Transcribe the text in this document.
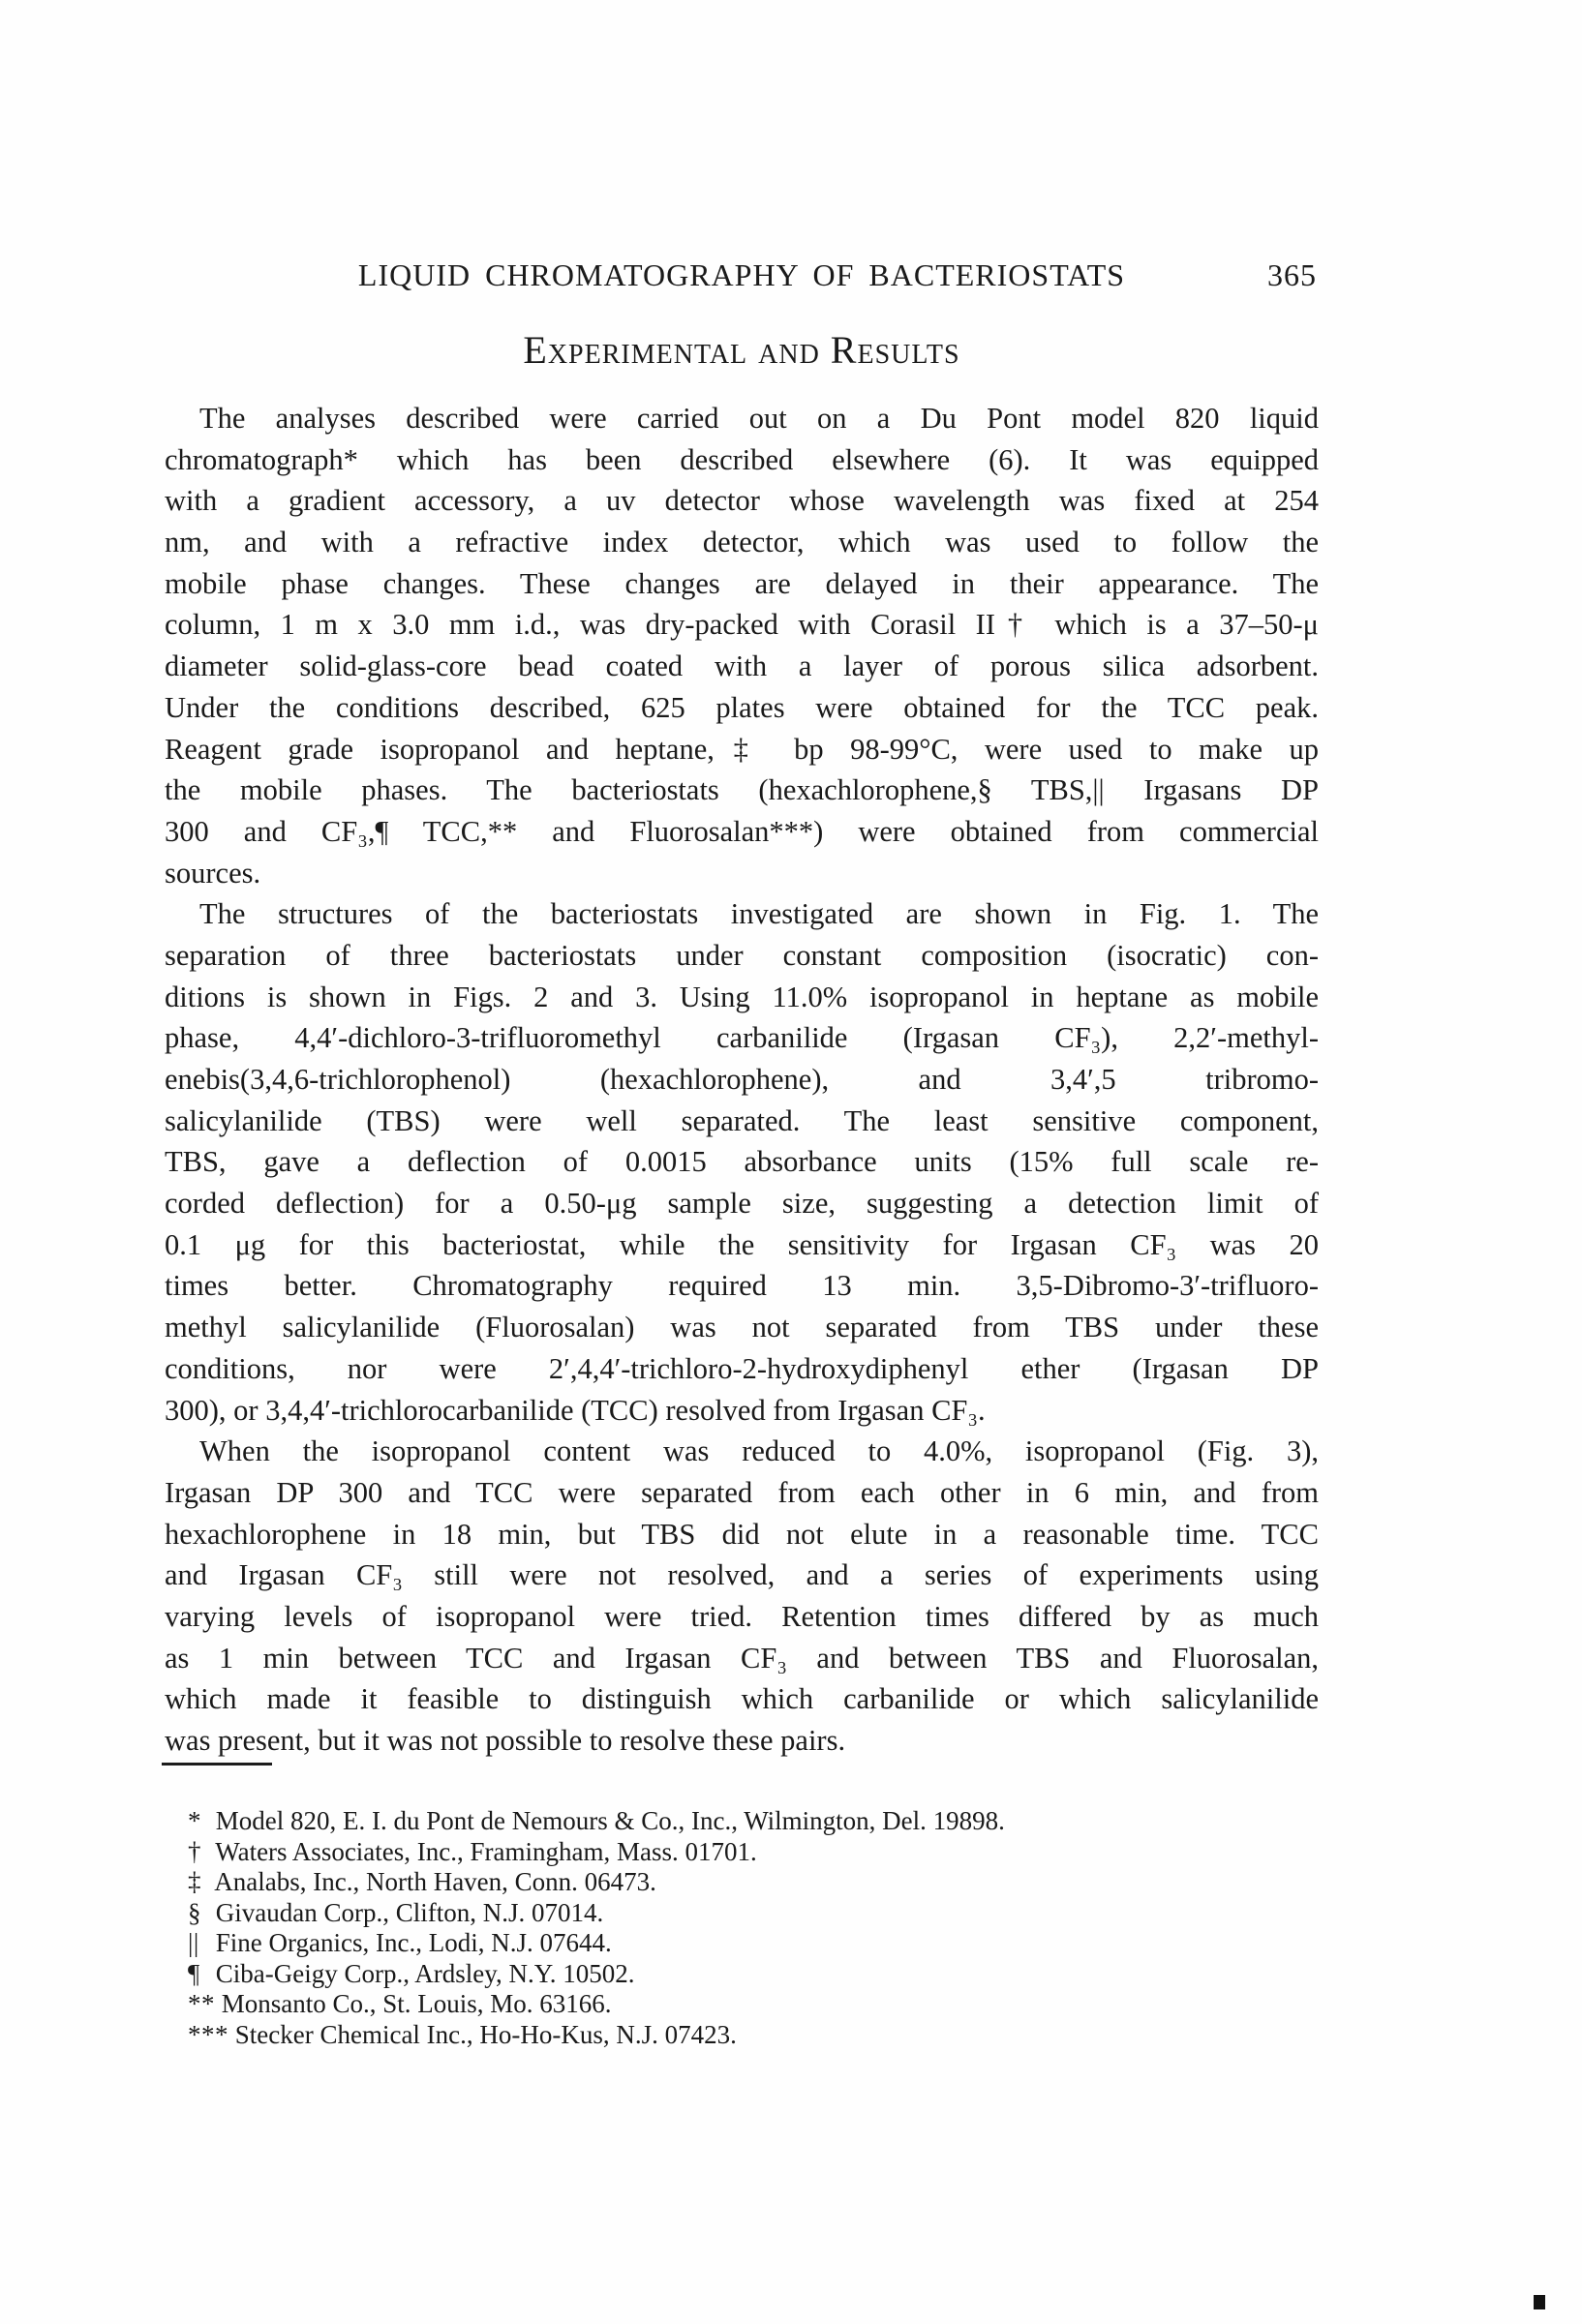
LIQUID CHROMATOGRAPHY OF BACTERIOSTATS	365
Experimental and Results
The analyses described were carried out on a Du Pont model 820 liquid
chromatograph* which has been described elsewhere (6). It was equipped
with a gradient accessory, a uv detector whose wavelength was fixed at 254
nm, and with a refractive index detector, which was used to follow the
mobile phase changes. These changes are delayed in their appearance. The
column, 1 m x 3.0 mm i.d., was dry-packed with Corasil II† which is a 37–50-μ
diameter solid-glass-core bead coated with a layer of porous silica adsorbent.
Under the conditions described, 625 plates were obtained for the TCC peak.
Reagent grade isopropanol and heptane,‡ bp 98-99°C, were used to make up
the mobile phases. The bacteriostats (hexachlorophene,§ TBS,|| Irgasans DP
300 and CF₃,¶ TCC,** and Fluorosalan***) were obtained from commercial
sources.
The structures of the bacteriostats investigated are shown in Fig. 1. The
separation of three bacteriostats under constant composition (isocratic) con-
ditions is shown in Figs. 2 and 3. Using 11.0% isopropanol in heptane as mobile
phase, 4,4′-dichloro-3-trifluoromethyl carbanilide (Irgasan CF₃), 2,2′-methyl-
enebis(3,4,6-trichlorophenol) (hexachlorophene), and 3,4′,5 tribromo-
salicylanilide (TBS) were well separated. The least sensitive component,
TBS, gave a deflection of 0.0015 absorbance units (15% full scale re-
corded deflection) for a 0.50-μg sample size, suggesting a detection limit of
0.1 μg for this bacteriostat, while the sensitivity for Irgasan CF₃ was 20
times better. Chromatography required 13 min. 3,5-Dibromo-3′-trifluoro-
methyl salicylanilide (Fluorosalan) was not separated from TBS under these
conditions, nor were 2′,4,4′-trichloro-2-hydroxydiphenyl ether (Irgasan DP
300), or 3,4,4′-trichlorocarbanilide (TCC) resolved from Irgasan CF₃.
When the isopropanol content was reduced to 4.0%, isopropanol (Fig. 3),
Irgasan DP 300 and TCC were separated from each other in 6 min, and from
hexachlorophene in 18 min, but TBS did not elute in a reasonable time. TCC
and Irgasan CF₃ still were not resolved, and a series of experiments using
varying levels of isopropanol were tried. Retention times differed by as much
as 1 min between TCC and Irgasan CF₃ and between TBS and Fluorosalan,
which made it feasible to distinguish which carbanilide or which salicylanilide
was present, but it was not possible to resolve these pairs.
* Model 820, E. I. du Pont de Nemours & Co., Inc., Wilmington, Del. 19898.
† Waters Associates, Inc., Framingham, Mass. 01701.
‡ Analabs, Inc., North Haven, Conn. 06473.
§ Givaudan Corp., Clifton, N.J. 07014.
|| Fine Organics, Inc., Lodi, N.J. 07644.
¶ Ciba-Geigy Corp., Ardsley, N.Y. 10502.
** Monsanto Co., St. Louis, Mo. 63166.
*** Stecker Chemical Inc., Ho-Ho-Kus, N.J. 07423.
